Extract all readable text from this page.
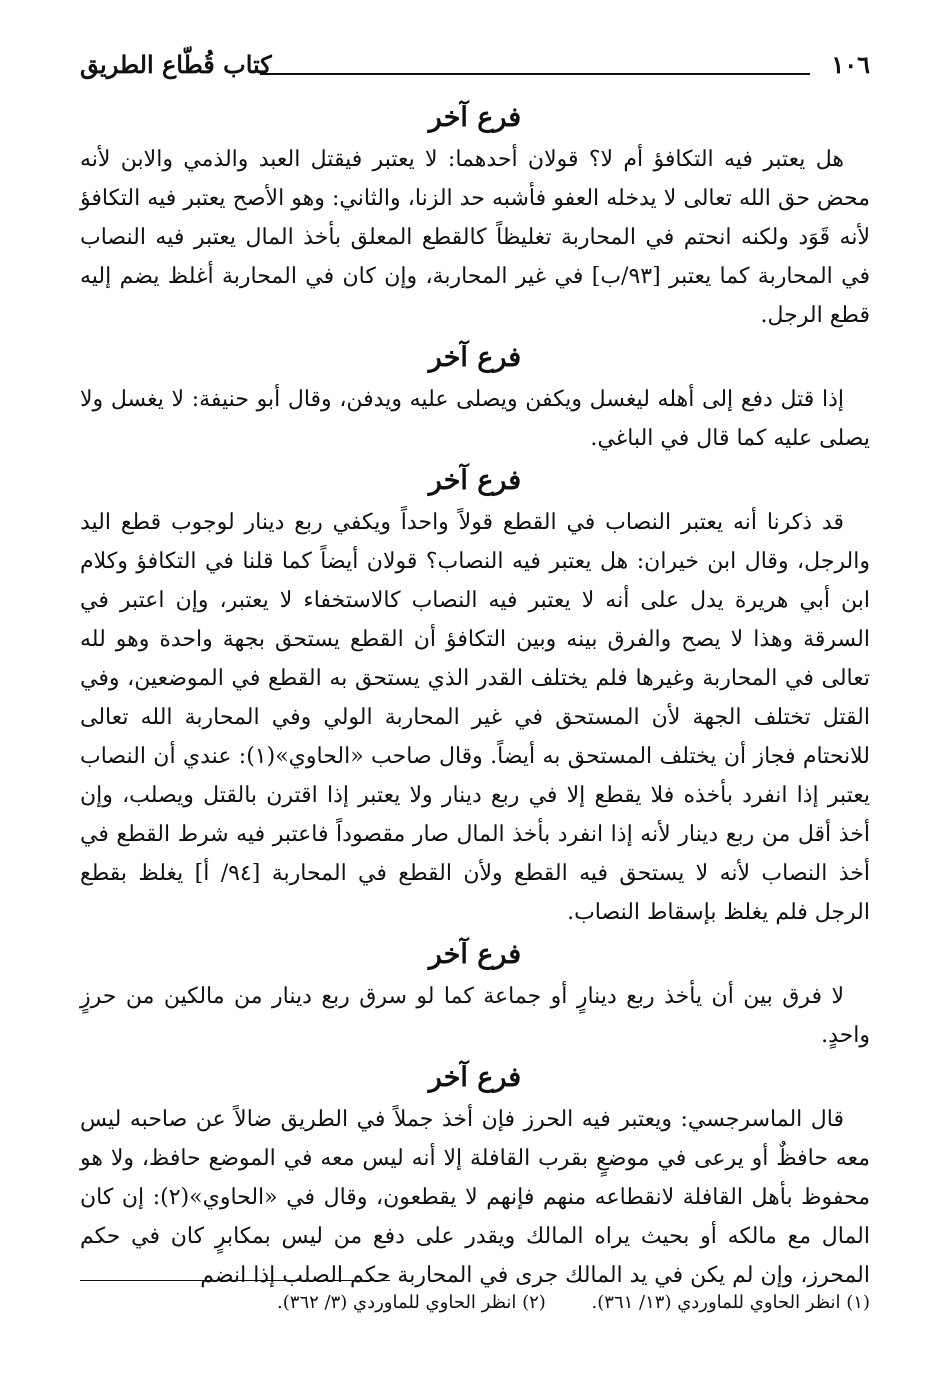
١٠٦
كتاب قُطّاع الطريق
فرع آخر

هل يعتبر فيه التكافؤ أم لا؟ قولان أحدهما: لا يعتبر فيقتل العبد والذمي والابن لأنه محض حق الله تعالى لا يدخله العفو فأشبه حد الزنا، والثاني: وهو الأصح يعتبر فيه التكافؤ لأنه قَوَد ولكنه انحتم في المحاربة تغليظاً كالقطع المعلق بأخذ المال يعتبر فيه النصاب في المحاربة كما يعتبر [٩٣/ب] في غير المحاربة، وإن كان في المحاربة أغلظ يضم إليه قطع الرجل.

فرع آخر

إذا قتل دفع إلى أهله ليغسل ويكفن ويصلى عليه ويدفن، وقال أبو حنيفة: لا يغسل ولا يصلى عليه كما قال في الباغي.

فرع آخر

قد ذكرنا أنه يعتبر النصاب في القطع قولاً واحداً ويكفي ربع دينار لوجوب قطع اليد والرجل، وقال ابن خيران: هل يعتبر فيه النصاب؟ قولان أيضاً كما قلنا في التكافؤ وكلام ابن أبي هريرة يدل على أنه لا يعتبر فيه النصاب كالاستخفاء لا يعتبر، وإن اعتبر في السرقة وهذا لا يصح والفرق بينه وبين التكافؤ أن القطع يستحق بجهة واحدة وهو لله تعالى في المحاربة وغيرها فلم يختلف القدر الذي يستحق به القطع في الموضعين، وفي القتل تختلف الجهة لأن المستحق في غير المحاربة الولي وفي المحاربة الله تعالى للانحتام فجاز أن يختلف المستحق به أيضاً. وقال صاحب «الحاوي»(١): عندي أن النصاب يعتبر إذا انفرد بأخذه فلا يقطع إلا في ربع دينار ولا يعتبر إذا اقترن بالقتل ويصلب، وإن أخذ أقل من ربع دينار لأنه إذا انفرد بأخذ المال صار مقصوداً فاعتبر فيه شرط القطع في أخذ النصاب لأنه لا يستحق فيه القطع ولأن القطع في المحاربة [٩٤/ أ] يغلظ بقطع الرجل فلم يغلظ بإسقاط النصاب.

فرع آخر

لا فرق بين أن يأخذ ربع دينارٍ أو جماعة كما لو سرق ربع دينار من مالكين من حرزٍ واحدٍ.

فرع آخر

قال الماسرجسي: ويعتبر فيه الحرز فإن أخذ جملاً في الطريق ضالاً عن صاحبه ليس معه حافظٌ أو يرعى في موضعٍ بقرب القافلة إلا أنه ليس معه في الموضع حافظ، ولا هو محفوظ بأهل القافلة لانقطاعه منهم فإنهم لا يقطعون، وقال في «الحاوي»(٢): إن كان المال مع مالكه أو بحيث يراه المالك ويقدر على دفع من ليس بمكابرٍ كان في حكم المحرز، وإن لم يكن في يد المالك جرى في المحاربة حكم الصلب إذا انضم

(١) انظر الحاوي للماوردي (١٣/ ٣٦١). (٢) انظر الحاوي للماوردي (٣/ ٣٦٢).
